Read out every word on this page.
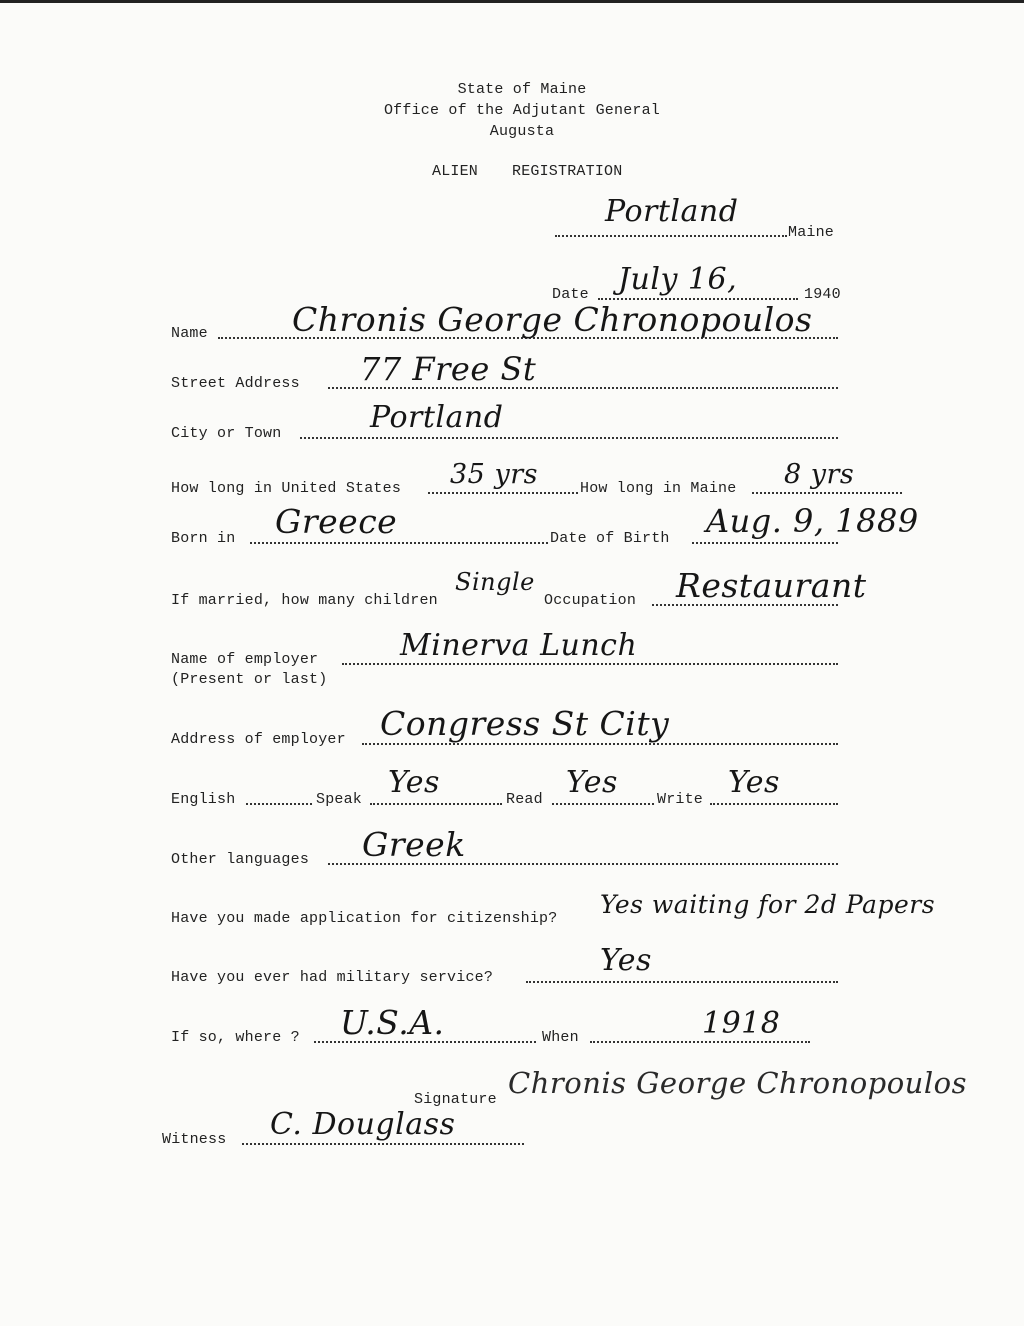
State of Maine
Office of the Adjutant General
Augusta
ALIEN REGISTRATION
Portland
Maine
Date July 16,	1940
Name	Chronis George Chronopoulos
Street Address 77 Free St
City or Town	Portland
How long in United States 35 yrs	How long in Maine 8 yrs
Born in Greece	Date of Birth Aug. 9, 1889
If married, how many children
Single
Occupation Restaurant
Name of employer
(Present or last)
Minerva Lunch
Address of employer Congress St City
English	Speak Yes	Read Yes	Write Yes
Other languages Greek
Have you made application for citizenship? Yes waiting for 2d Papers
Have you ever had military service?	Yes
If so, where ? U.S.A.	When	1918
Signature Chronis George Chronopoulos
Witness C. Douglass
